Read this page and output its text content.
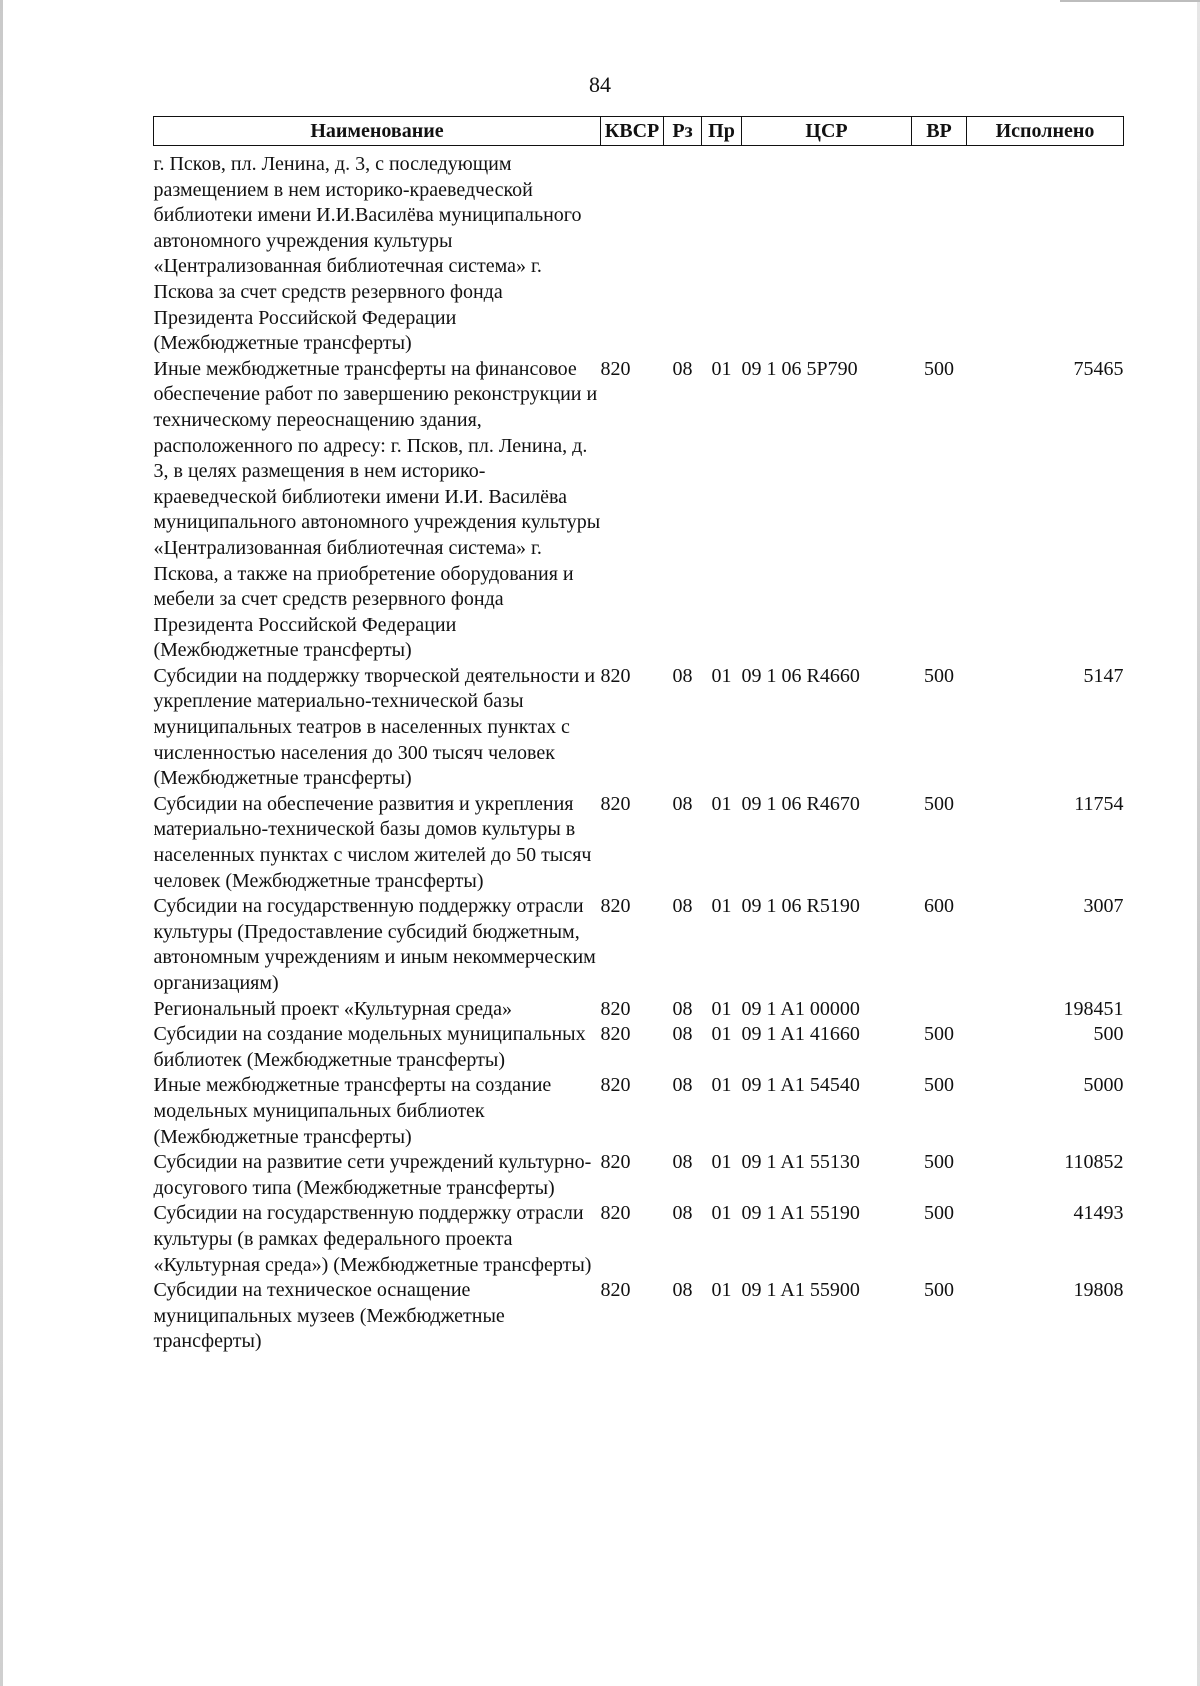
84
Наименование	КВСР	Рз	Пр	ЦСР	ВР	Исполнено
г. Псков, пл. Ленина, д. 3, с последующим размещением в нем историко-краеведческой библиотеки имени И.И.Василёва муниципального автономного учреждения культуры «Централизованная библиотечная система» г. Пскова за счет средств резервного фонда Президента Российской Федерации (Межбюджетные трансферты)						
Иные межбюджетные трансферты на финансовое обеспечение работ по завершению реконструкции и техническому переоснащению здания, расположенного по адресу: г. Псков, пл. Ленина, д. 3, в целях размещения в нем историко-краеведческой библиотеки имени И.И. Василёва муниципального автономного учреждения культуры «Централизованная библиотечная система» г. Пскова, а также на приобретение оборудования и мебели за счет средств резервного фонда Президента Российской Федерации (Межбюджетные трансферты)	820	08	01	09 1 06 5Р790	500	75465
Субсидии на поддержку творческой деятельности и укрепление материально-технической базы муниципальных театров в населенных пунктах с численностью населения до 300 тысяч человек (Межбюджетные трансферты)	820	08	01	09 1 06 R4660	500	5147
Субсидии на обеспечение развития и укрепления материально-технической базы домов культуры в населенных пунктах с числом жителей до 50 тысяч человек (Межбюджетные трансферты)	820	08	01	09 1 06 R4670	500	11754
Субсидии на государственную поддержку отрасли культуры (Предоставление субсидий бюджетным, автономным учреждениям и иным некоммерческим организациям)	820	08	01	09 1 06 R5190	600	3007
Региональный проект «Культурная среда»	820	08	01	09 1 A1 00000		198451
Субсидии на создание модельных муниципальных библиотек (Межбюджетные трансферты)	820	08	01	09 1 A1 41660	500	500
Иные межбюджетные трансферты на создание модельных муниципальных библиотек (Межбюджетные трансферты)	820	08	01	09 1 A1 54540	500	5000
Субсидии на развитие сети учреждений культурно-досугового типа (Межбюджетные трансферты)	820	08	01	09 1 A1 55130	500	110852
Субсидии на государственную поддержку отрасли культуры (в рамках федерального проекта «Культурная среда») (Межбюджетные трансферты)	820	08	01	09 1 A1 55190	500	41493
Субсидии на техническое оснащение муниципальных музеев (Межбюджетные трансферты)	820	08	01	09 1 A1 55900	500	19808
